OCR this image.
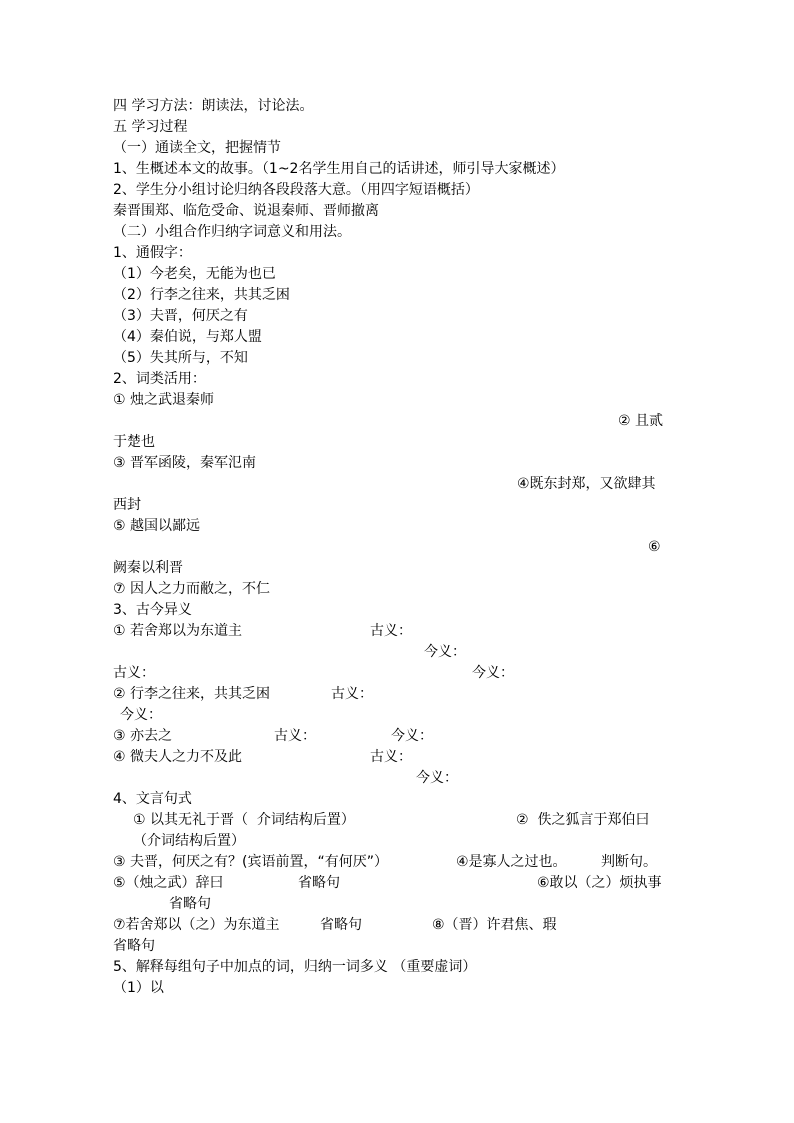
四 学习方法：朗读法，讨论法。
五 学习过程
（一）通读全文，把握情节
1、生概述本文的故事。（1~2名学生用自己的话讲述，师引导大家概述）
2、学生分小组讨论归纳各段段落大意。（用四字短语概括）
秦晋围郑、临危受命、说退秦师、晋师撤离
（二）小组合作归纳字词意义和用法。
1、通假字：
（1）今老矣，无能为也已
（2）行李之往来，共其乏困
（3）夫晋，何厌之有
（4）秦伯说，与郑人盟
（5）失其所与，不知
2、词类活用：
① 烛之武退秦师
② 且贰
于楚也
③ 晋军函陵，秦军氾南
④既东封郑，又欲肆其
西封
⑤ 越国以鄙远
⑥
阙秦以利晋
⑦ 因人之力而敝之，不仁
3、古今异义
① 若舍郑以为东道主	古义：
今义：
古义：	今义：
② 行李之往来，共其乏困	古义：
今义：
③ 亦去之	古义：	今义：
④ 微夫人之力不及此	古义：
今义：
4、文言句式
① 以其无礼于晋（  介词结构后置）	②  佚之狐言于郑伯曰
（介词结构后置）
③ 夫晋，何厌之有？(宾语前置，“有何厌”）	④是寡人之过也。 判断句。
⑤（烛之武）辞曰	省略句	⑥敢以（之）烦执事
省略句
⑦若舍郑以（之）为东道主	省略句	⑧（晋）许君焦、瑕
省略句
5、解释每组句子中加点的词，归纳一词多义 （重要虚词）
（1）以
